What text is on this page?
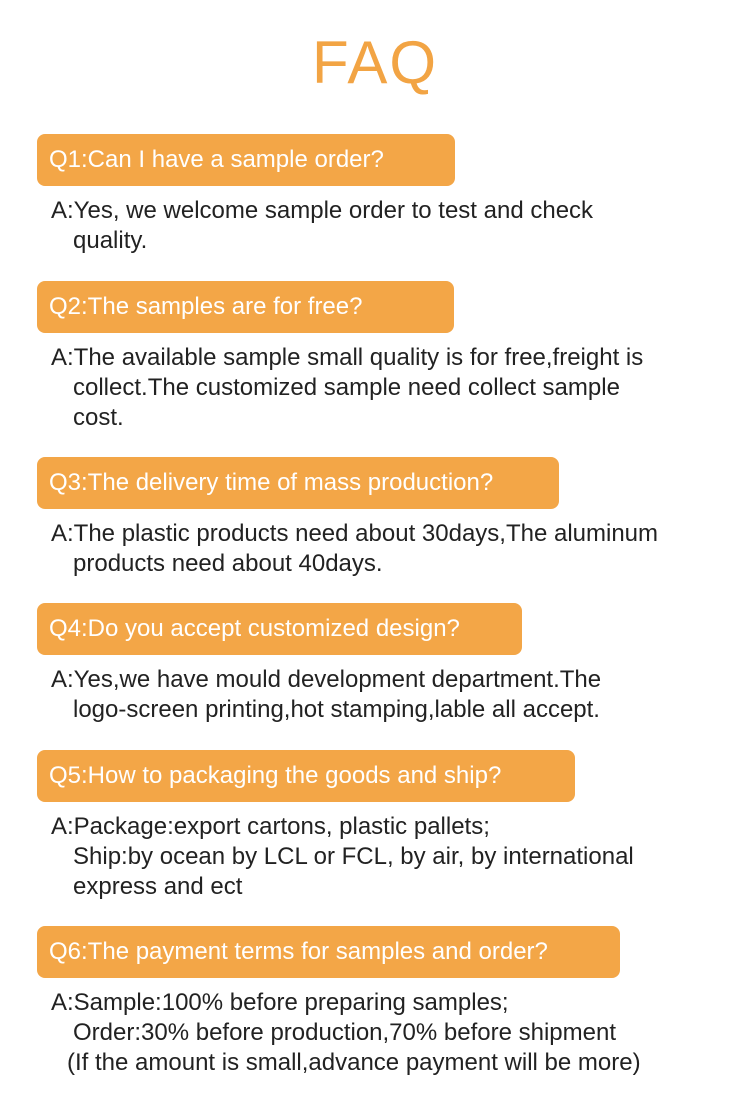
FAQ
Q1:Can I have a sample order?
A:Yes, we welcome sample order to test and check
quality.
Q2:The samples are for free?
A:The available sample small quality is for free,freight is
collect.The customized sample need collect sample
cost.
Q3:The delivery time of mass production?
A:The plastic products need about 30days,The aluminum
products need about 40days.
Q4:Do you accept customized design?
A:Yes,we have mould development department.The
logo-screen printing,hot stamping,lable all accept.
Q5:How to packaging the goods and ship?
A:Package:export cartons, plastic pallets;
Ship:by ocean by LCL or FCL, by air, by international
express and ect
Q6:The payment terms for samples and order?
A:Sample:100% before preparing samples;
Order:30% before production,70% before shipment
(If the amount is small,advance payment will be more)
